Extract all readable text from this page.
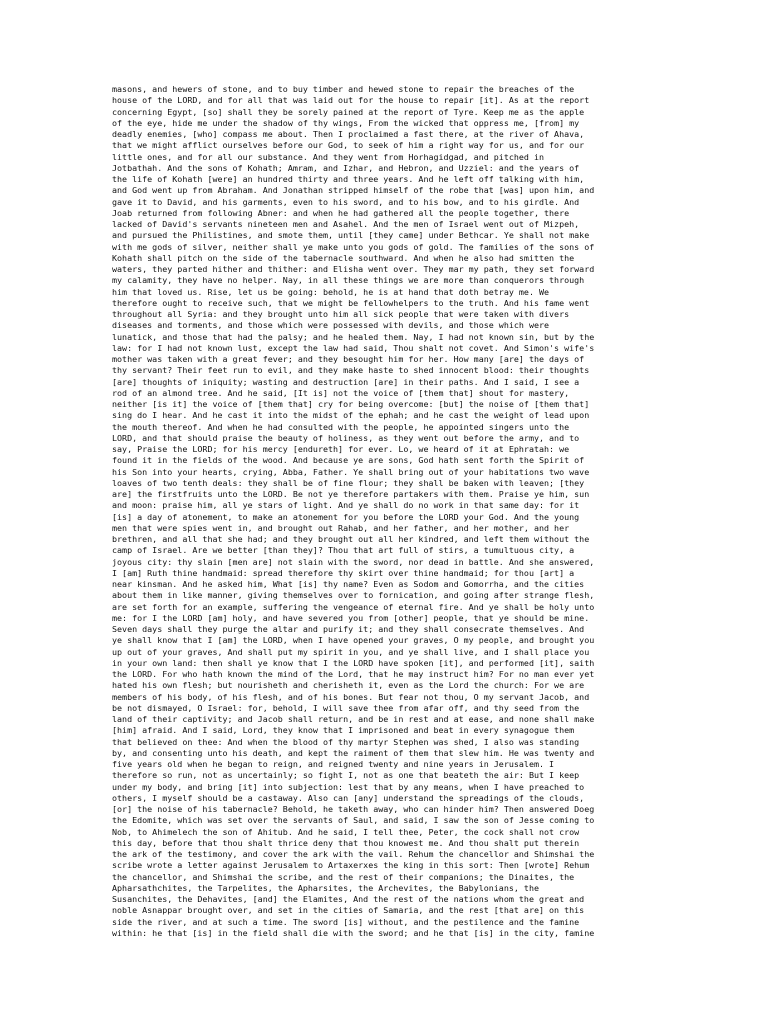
masons, and hewers of stone, and to buy timber and hewed stone to repair the breaches of the
house of the LORD, and for all that was laid out for the house to repair [it]. As at the report
concerning Egypt, [so] shall they be sorely pained at the report of Tyre. Keep me as the apple
of the eye, hide me under the shadow of thy wings, From the wicked that oppress me, [from] my
deadly enemies, [who] compass me about. Then I proclaimed a fast there, at the river of Ahava,
that we might afflict ourselves before our God, to seek of him a right way for us, and for our
little ones, and for all our substance. And they went from Horhagidgad, and pitched in
Jotbathah. And the sons of Kohath; Amram, and Izhar, and Hebron, and Uzziel: and the years of
the life of Kohath [were] an hundred thirty and three years. And he left off talking with him,
and God went up from Abraham. And Jonathan stripped himself of the robe that [was] upon him, and
gave it to David, and his garments, even to his sword, and to his bow, and to his girdle. And
Joab returned from following Abner: and when he had gathered all the people together, there
lacked of David's servants nineteen men and Asahel. And the men of Israel went out of Mizpeh,
and pursued the Philistines, and smote them, until [they came] under Bethcar. Ye shall not make
with me gods of silver, neither shall ye make unto you gods of gold. The families of the sons of
Kohath shall pitch on the side of the tabernacle southward. And when he also had smitten the
waters, they parted hither and thither: and Elisha went over. They mar my path, they set forward
my calamity, they have no helper. Nay, in all these things we are more than conquerors through
him that loved us. Rise, let us be going: behold, he is at hand that doth betray me. We
therefore ought to receive such, that we might be fellowhelpers to the truth. And his fame went
throughout all Syria: and they brought unto him all sick people that were taken with divers
diseases and torments, and those which were possessed with devils, and those which were
lunatick, and those that had the palsy; and he healed them. Nay, I had not known sin, but by the
law: for I had not known lust, except the law had said, Thou shalt not covet. And Simon's wife's
mother was taken with a great fever; and they besought him for her. How many [are] the days of
thy servant? Their feet run to evil, and they make haste to shed innocent blood: their thoughts
[are] thoughts of iniquity; wasting and destruction [are] in their paths. And I said, I see a
rod of an almond tree. And he said, [It is] not the voice of [them that] shout for mastery,
neither [is it] the voice of [them that] cry for being overcome: [but] the noise of [them that]
sing do I hear. And he cast it into the midst of the ephah; and he cast the weight of lead upon
the mouth thereof. And when he had consulted with the people, he appointed singers unto the
LORD, and that should praise the beauty of holiness, as they went out before the army, and to
say, Praise the LORD; for his mercy [endureth] for ever. Lo, we heard of it at Ephratah: we
found it in the fields of the wood. And because ye are sons, God hath sent forth the Spirit of
his Son into your hearts, crying, Abba, Father. Ye shall bring out of your habitations two wave
loaves of two tenth deals: they shall be of fine flour; they shall be baken with leaven; [they
are] the firstfruits unto the LORD. Be not ye therefore partakers with them. Praise ye him, sun
and moon: praise him, all ye stars of light. And ye shall do no work in that same day: for it
[is] a day of atonement, to make an atonement for you before the LORD your God. And the young
men that were spies went in, and brought out Rahab, and her father, and her mother, and her
brethren, and all that she had; and they brought out all her kindred, and left them without the
camp of Israel. Are we better [than they]? Thou that art full of stirs, a tumultuous city, a
joyous city: thy slain [men are] not slain with the sword, nor dead in battle. And she answered,
I [am] Ruth thine handmaid: spread therefore thy skirt over thine handmaid; for thou [art] a
near kinsman. And he asked him, What [is] thy name? Even as Sodom and Gomorrha, and the cities
about them in like manner, giving themselves over to fornication, and going after strange flesh,
are set forth for an example, suffering the vengeance of eternal fire. And ye shall be holy unto
me: for I the LORD [am] holy, and have severed you from [other] people, that ye should be mine.
Seven days shall they purge the altar and purify it; and they shall consecrate themselves. And
ye shall know that I [am] the LORD, when I have opened your graves, O my people, and brought you
up out of your graves, And shall put my spirit in you, and ye shall live, and I shall place you
in your own land: then shall ye know that I the LORD have spoken [it], and performed [it], saith
the LORD. For who hath known the mind of the Lord, that he may instruct him? For no man ever yet
hated his own flesh; but nourisheth and cherisheth it, even as the Lord the church: For we are
members of his body, of his flesh, and of his bones. But fear not thou, O my servant Jacob, and
be not dismayed, O Israel: for, behold, I will save thee from afar off, and thy seed from the
land of their captivity; and Jacob shall return, and be in rest and at ease, and none shall make
[him] afraid. And I said, Lord, they know that I imprisoned and beat in every synagogue them
that believed on thee: And when the blood of thy martyr Stephen was shed, I also was standing
by, and consenting unto his death, and kept the raiment of them that slew him. He was twenty and
five years old when he began to reign, and reigned twenty and nine years in Jerusalem. I
therefore so run, not as uncertainly; so fight I, not as one that beateth the air: But I keep
under my body, and bring [it] into subjection: lest that by any means, when I have preached to
others, I myself should be a castaway. Also can [any] understand the spreadings of the clouds,
[or] the noise of his tabernacle? Behold, he taketh away, who can hinder him? Then answered Doeg
the Edomite, which was set over the servants of Saul, and said, I saw the son of Jesse coming to
Nob, to Ahimelech the son of Ahitub. And he said, I tell thee, Peter, the cock shall not crow
this day, before that thou shalt thrice deny that thou knowest me. And thou shalt put therein
the ark of the testimony, and cover the ark with the vail. Rehum the chancellor and Shimshai the
scribe wrote a letter against Jerusalem to Artaxerxes the king in this sort: Then [wrote] Rehum
the chancellor, and Shimshai the scribe, and the rest of their companions; the Dinaites, the
Apharsathchites, the Tarpelites, the Apharsites, the Archevites, the Babylonians, the
Susanchites, the Dehavites, [and] the Elamites, And the rest of the nations whom the great and
noble Asnappar brought over, and set in the cities of Samaria, and the rest [that are] on this
side the river, and at such a time. The sword [is] without, and the pestilence and the famine
within: he that [is] in the field shall die with the sword; and he that [is] in the city, famine
